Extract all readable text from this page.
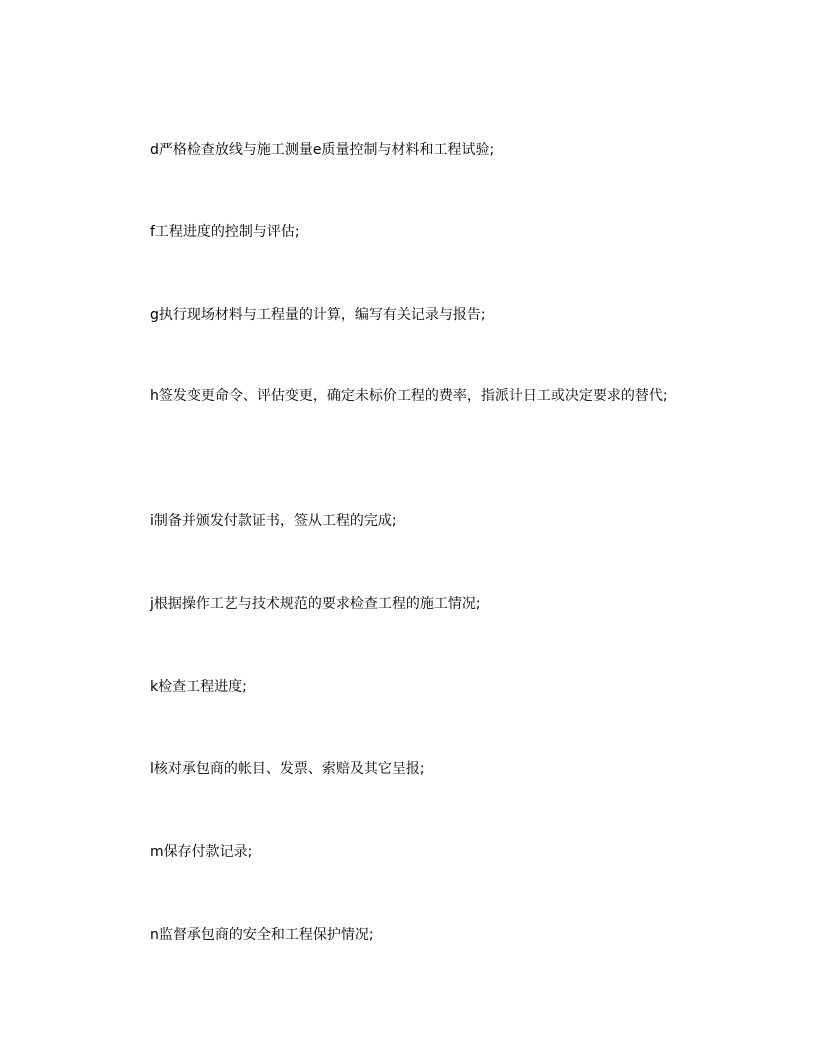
d严格检查放线与施工测量e质量控制与材料和工程试验;

f工程进度的控制与评估;

g执行现场材料与工程量的计算，编写有关记录与报告;

h签发变更命令、评估变更，确定未标价工程的费率，指派计日工或决定要求的替代;

i制备并颁发付款证书，签从工程的完成;

j根据操作工艺与技术规范的要求检查工程的施工情况;

k检查工程进度;

l核对承包商的帐目、发票、索赔及其它呈报;

m保存付款记录;

n监督承包商的安全和工程保护情况;
